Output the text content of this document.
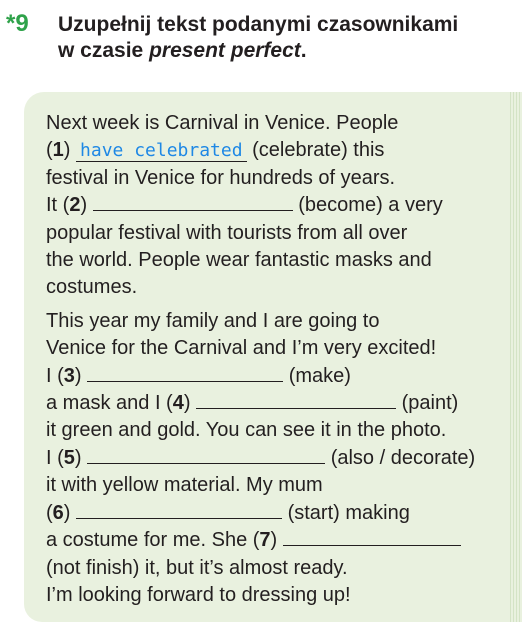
*9 Uzupełnij tekst podanymi czasownikami
w czasie present perfect.
Next week is Carnival in Venice. People
(1) have celebrated (celebrate) this
festival in Venice for hundreds of years.
It (2)	(become) a very
popular festival with tourists from all over
the world. People wear fantastic masks and
costumes.
This year my family and I are going to
Venice for the Carnival and I’m very excited!
I (3)	(make)
a mask and I (4)	(paint)
it green and gold. You can see it in the photo.
I (5)	(also / decorate)
it with yellow material. My mum
(6)	(start) making
a costume for me. She (7)
(not finish) it, but it’s almost ready.
I’m looking forward to dressing up!
